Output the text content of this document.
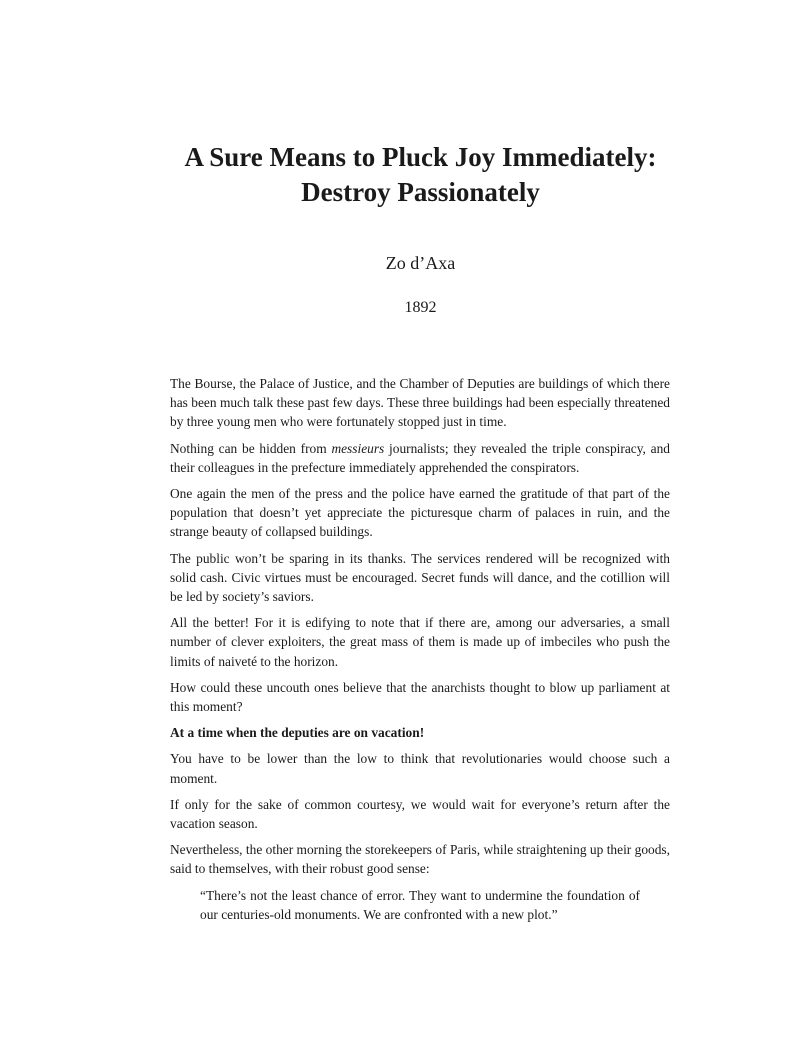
A Sure Means to Pluck Joy Immediately:
Destroy Passionately
Zo d’Axa
1892

The Bourse, the Palace of Justice, and the Chamber of Deputies are buildings of which there has been much talk these past few days. These three buildings had been especially threatened by three young men who were fortunately stopped just in time.

Nothing can be hidden from messieurs journalists; they revealed the triple conspiracy, and their colleagues in the prefecture immediately apprehended the conspirators.

One again the men of the press and the police have earned the gratitude of that part of the population that doesn’t yet appreciate the picturesque charm of palaces in ruin, and the strange beauty of collapsed buildings.

The public won’t be sparing in its thanks. The services rendered will be recognized with solid cash. Civic virtues must be encouraged. Secret funds will dance, and the cotillion will be led by society’s saviors.

All the better! For it is edifying to note that if there are, among our adversaries, a small number of clever exploiters, the great mass of them is made up of imbeciles who push the limits of naiveté to the horizon.

How could these uncouth ones believe that the anarchists thought to blow up parliament at this moment?

At a time when the deputies are on vacation!

You have to be lower than the low to think that revolutionaries would choose such a moment.

If only for the sake of common courtesy, we would wait for everyone’s return after the vacation season.

Nevertheless, the other morning the storekeepers of Paris, while straightening up their goods, said to themselves, with their robust good sense:

“There’s not the least chance of error. They want to undermine the foundation of our centuries-old monuments. We are confronted with a new plot.”
